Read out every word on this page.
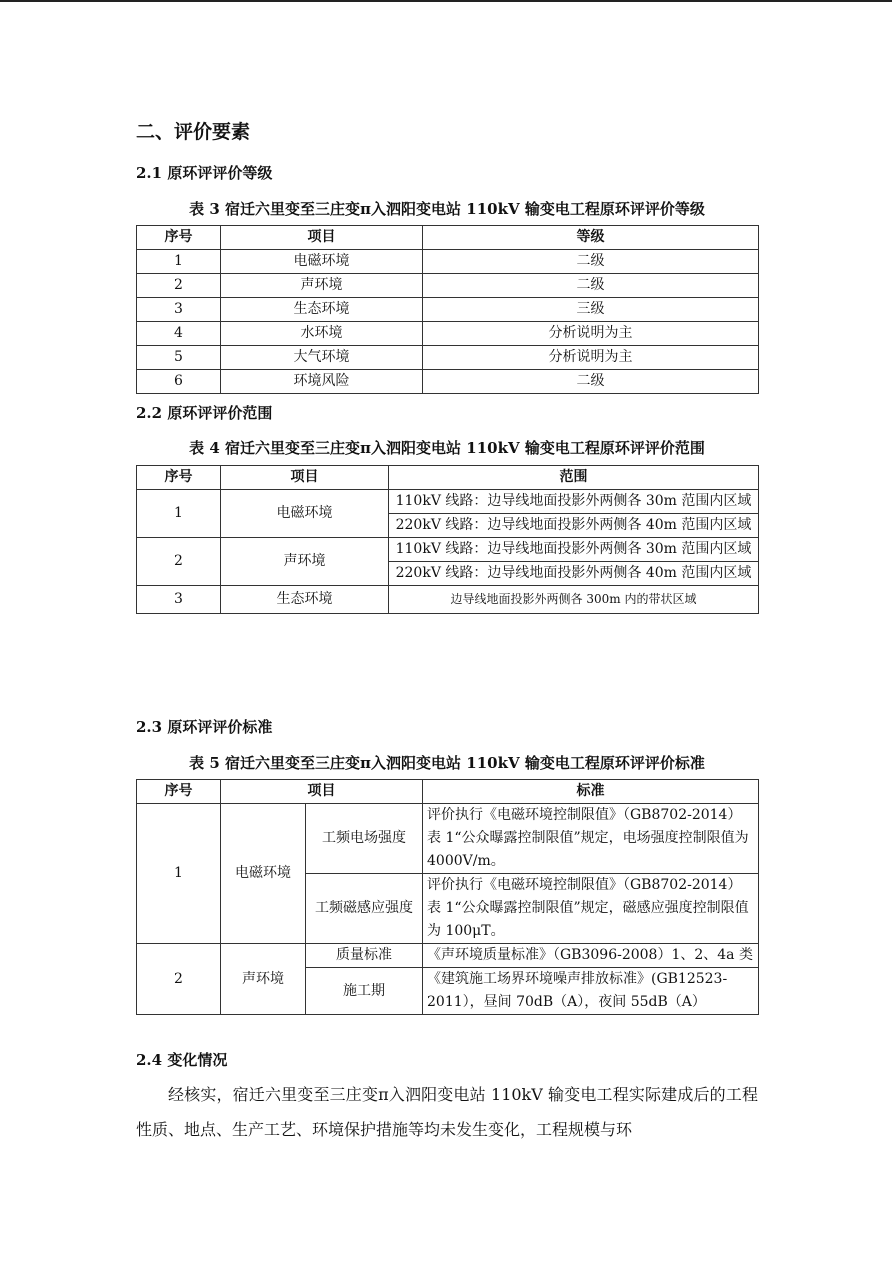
二、评价要素
2.1 原环评评价等级
表 3 宿迁六里变至三庄变π入泗阳变电站 110kV 输变电工程原环评评价等级
序号	项目	等级
1	电磁环境	二级
2	声环境	二级
3	生态环境	三级
4	水环境	分析说明为主
5	大气环境	分析说明为主
6	环境风险	二级
2.2 原环评评价范围
表 4 宿迁六里变至三庄变π入泗阳变电站 110kV 输变电工程原环评评价范围
序号	项目	范围
1	电磁环境	110kV 线路：边导线地面投影外两侧各 30m 范围内区域
		220kV 线路：边导线地面投影外两侧各 40m 范围内区域
2	声环境	110kV 线路：边导线地面投影外两侧各 30m 范围内区域
		220kV 线路：边导线地面投影外两侧各 40m 范围内区域
3	生态环境	边导线地面投影外两侧各 300m 内的带状区域
2.3 原环评评价标准
表 5 宿迁六里变至三庄变π入泗阳变电站 110kV 输变电工程原环评评价标准
序号	项目		标准
1	电磁环境	工频电场强度	评价执行《电磁环境控制限值》（GB8702-2014）表 1“公众曝露控制限值”规定，电场强度控制限值为 4000V/m。
		工频磁感应强度	评价执行《电磁环境控制限值》（GB8702-2014）表 1“公众曝露控制限值”规定，磁感应强度控制限值为 100μT。
2	声环境	质量标准	《声环境质量标准》（GB3096-2008）1、2、4a 类
		施工期	《建筑施工场界环境噪声排放标准》(GB12523-2011），昼间 70dB（A），夜间 55dB（A）
2.4 变化情况
经核实，宿迁六里变至三庄变π入泗阳变电站 110kV 输变电工程实际建成后的工程性质、地点、生产工艺、环境保护措施等均未发生变化，工程规模与环
